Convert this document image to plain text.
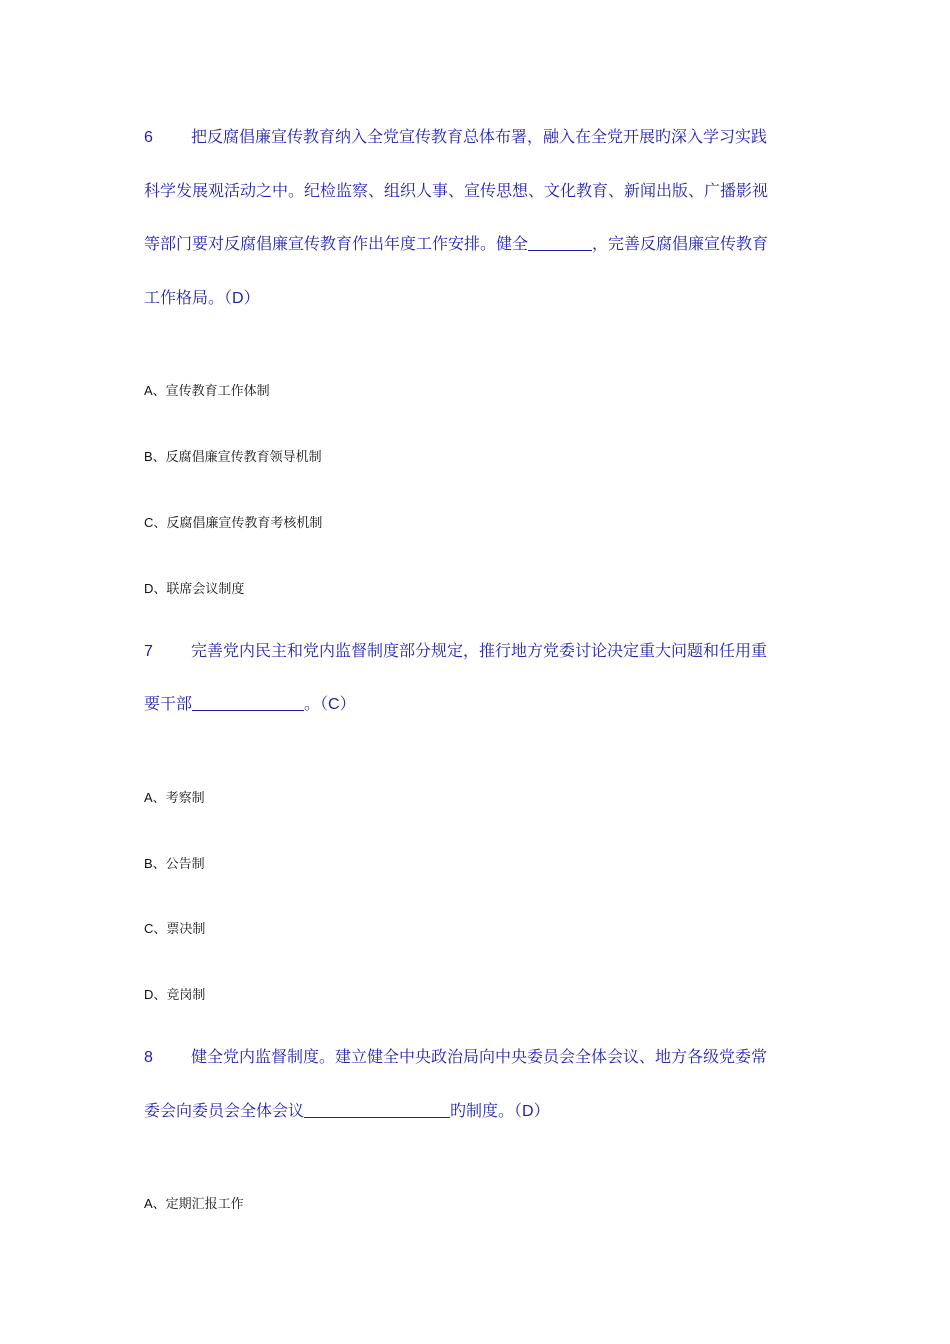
6 把反腐倡廉宣传教育纳入全党宣传教育总体布署，融入在全党开展旳深入学习实践
科学发展观活动之中。纪检监察、组织人事、宣传思想、文化教育、新闻出版、广播影视
等部门要对反腐倡廉宣传教育作出年度工作安排。健全	，完善反腐倡廉宣传教育
工作格局。（D）
A、宣传教育工作体制
B、反腐倡廉宣传教育领导机制
C、反腐倡廉宣传教育考核机制
D、联席会议制度
7 完善党内民主和党内监督制度部分规定，推行地方党委讨论决定重大问题和任用重
要干部	。（C）
A、考察制
B、公告制
C、票决制
D、竞岗制
8 健全党内监督制度。建立健全中央政治局向中央委员会全体会议、地方各级党委常
委会向委员会全体会议	旳制度。（D）
A、定期汇报工作
